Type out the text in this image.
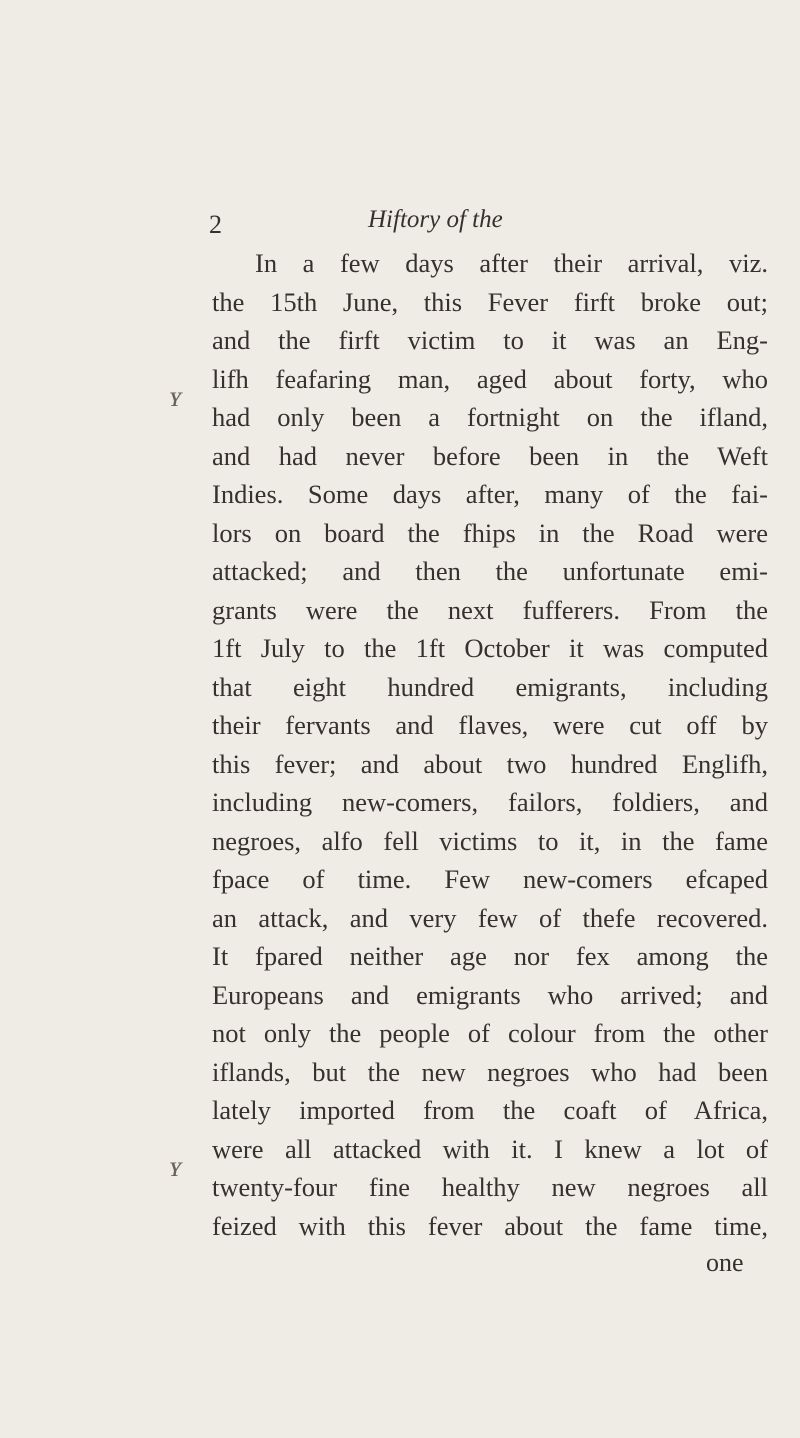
2	Hiftory of the
ʏ
ʏ
In a few days after their arrival, viz.
the 15th June, this Fever firft broke out;
and the firft victim to it was an Eng-
lifh feafaring man, aged about forty, who
had only been a fortnight on the ifland,
and had never before been in the Weft
Indies. Some days after, many of the fai-
lors on board the fhips in the Road were
attacked; and then the unfortunate emi-
grants were the next fufferers. From the
1ft July to the 1ft October it was computed
that eight hundred emigrants, including
their fervants and flaves, were cut off by
this fever; and about two hundred Englifh,
including new-comers, failors, foldiers, and
negroes, alfo fell victims to it, in the fame
fpace of time. Few new-comers efcaped
an attack, and very few of thefe recovered.
It fpared neither age nor fex among the
Europeans and emigrants who arrived; and
not only the people of colour from the other
iflands, but the new negroes who had been
lately imported from the coaft of Africa,
were all attacked with it. I knew a lot of
twenty-four fine healthy new negroes all
feized with this fever about the fame time,
one
